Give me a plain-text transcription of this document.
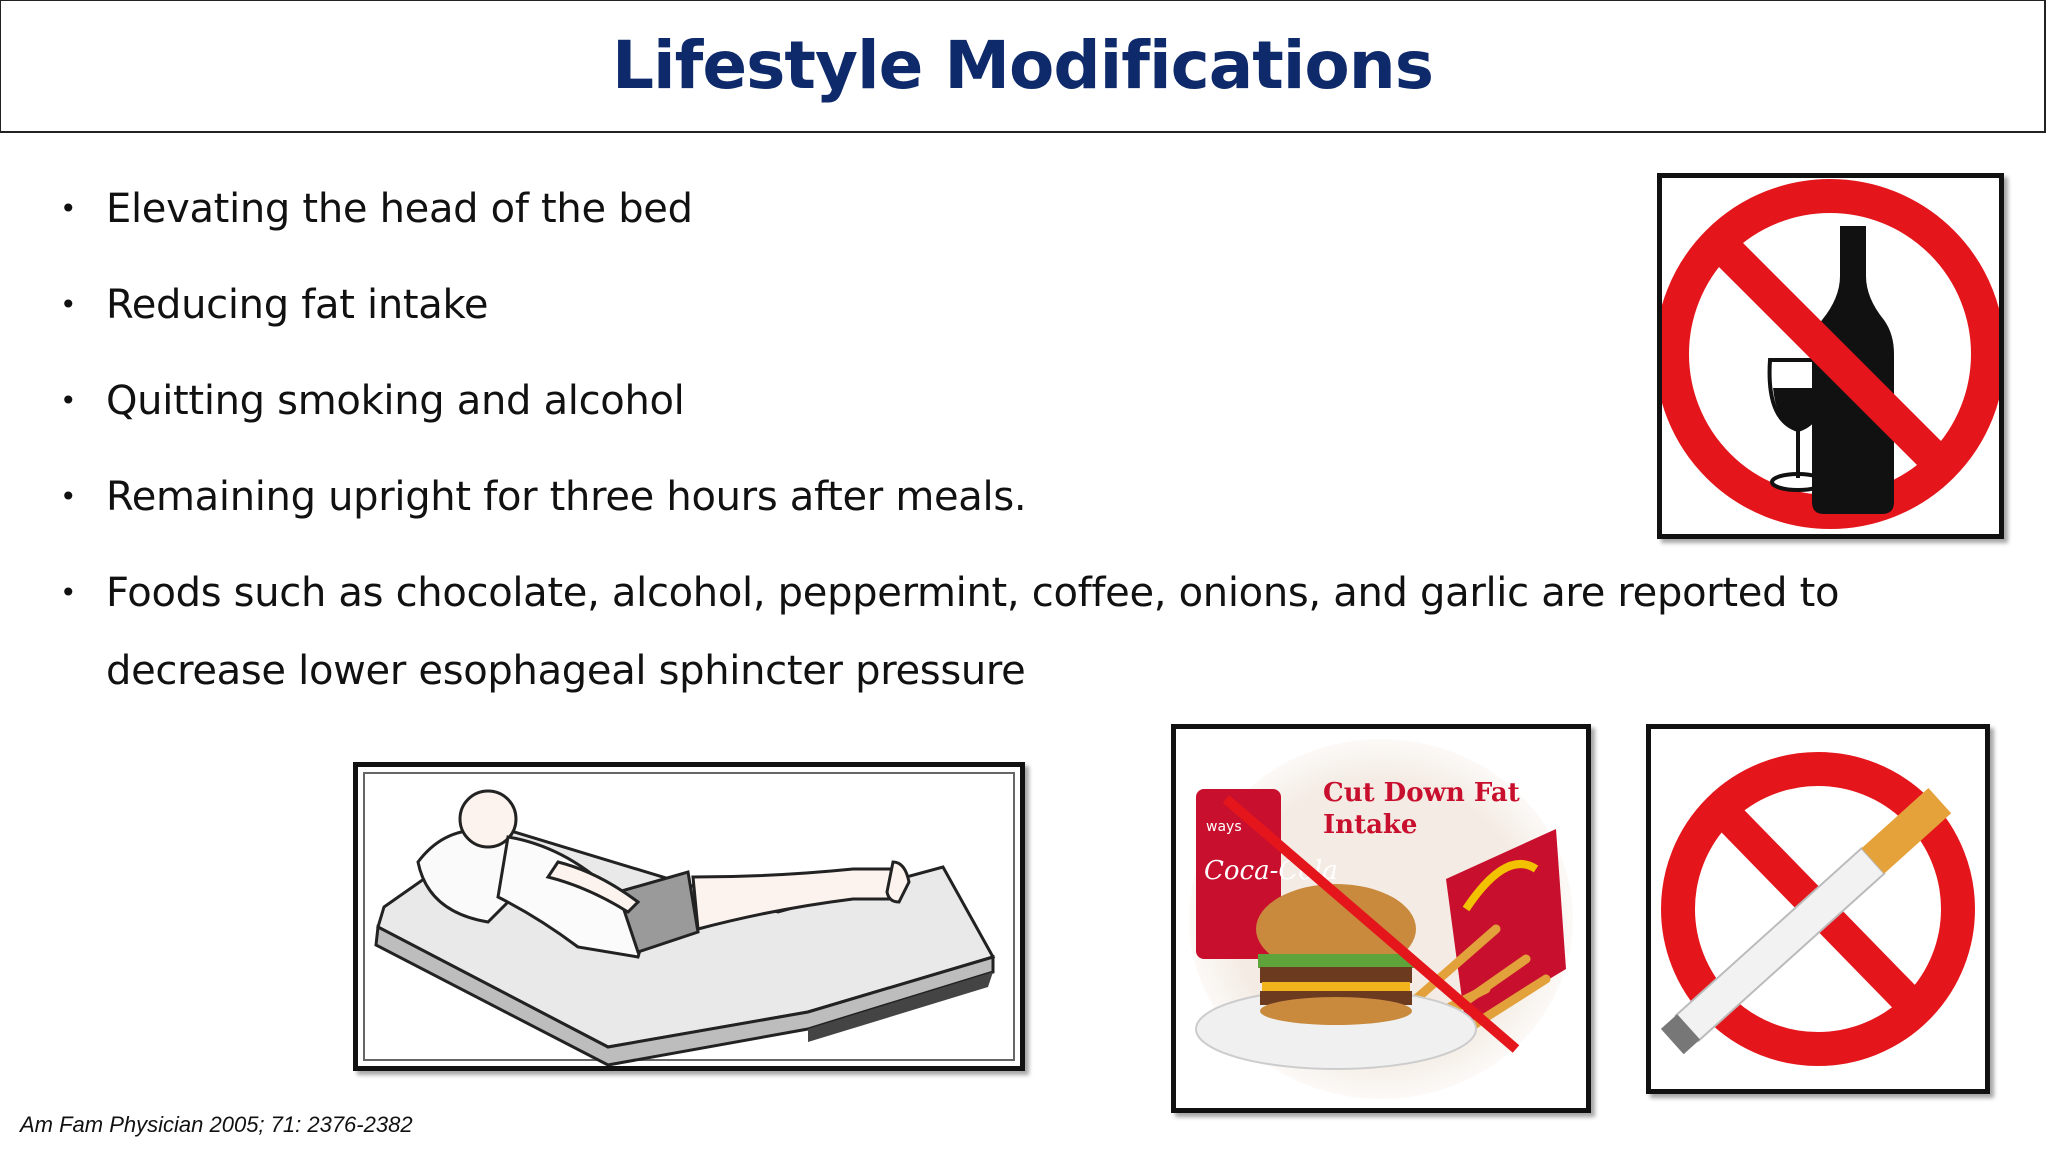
Lifestyle Modifications
• Elevating the head of the bed
• Reducing fat intake
• Quitting smoking and alcohol
• Remaining upright for three hours after meals.
• Foods such as chocolate, alcohol, peppermint, coffee, onions, and garlic are reported to decrease lower esophageal sphincter pressure
Coca-Cola
ways
Cut Down Fat
Intake
Am Fam Physician 2005; 71: 2376-2382
